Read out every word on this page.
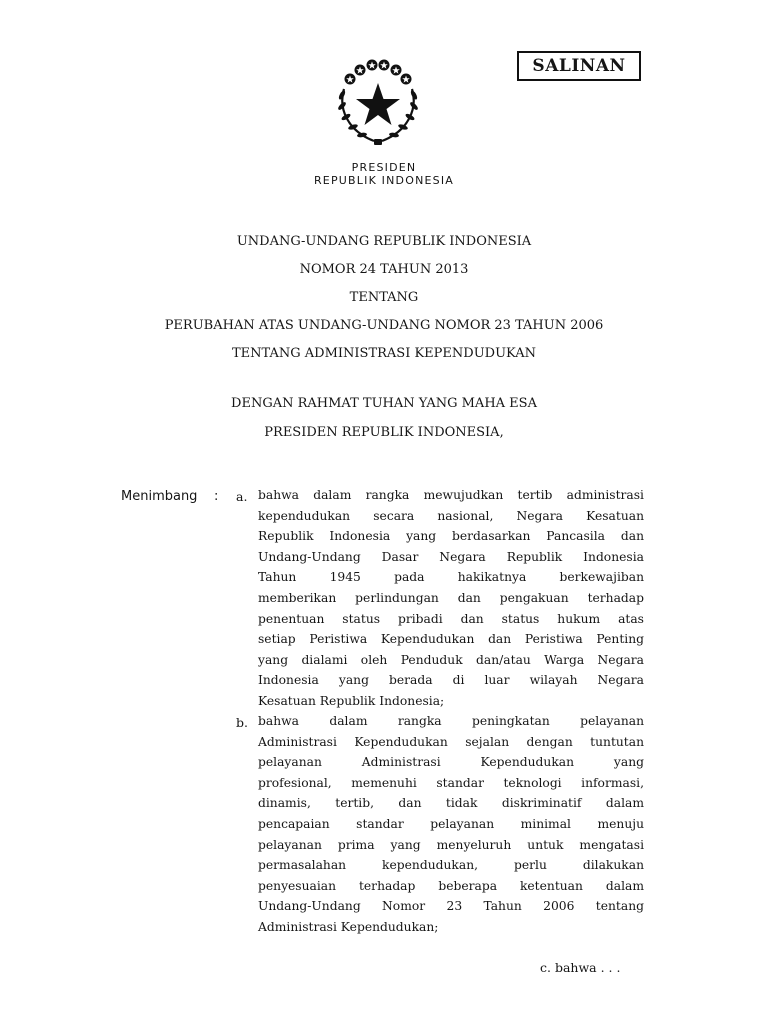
SALINAN
PRESIDEN
REPUBLIK INDONESIA
UNDANG-UNDANG REPUBLIK INDONESIA
NOMOR 24 TAHUN 2013
TENTANG
PERUBAHAN ATAS UNDANG-UNDANG NOMOR 23 TAHUN 2006
TENTANG ADMINISTRASI KEPENDUDUKAN
DENGAN RAHMAT TUHAN YANG MAHA ESA
PRESIDEN REPUBLIK INDONESIA,
Menimbang : a. bahwa dalam rangka mewujudkan tertib administrasi
kependudukan secara nasional, Negara Kesatuan
Republik Indonesia yang berdasarkan Pancasila dan
Undang-Undang Dasar Negara Republik Indonesia
Tahun 1945 pada hakikatnya berkewajiban
memberikan perlindungan dan pengakuan terhadap
penentuan status pribadi dan status hukum atas
setiap Peristiwa Kependudukan dan Peristiwa Penting
yang dialami oleh Penduduk dan/atau Warga Negara
Indonesia yang berada di luar wilayah Negara
Kesatuan Republik Indonesia;
b. bahwa dalam rangka peningkatan pelayanan
Administrasi Kependudukan sejalan dengan tuntutan
pelayanan Administrasi Kependudukan yang
profesional, memenuhi standar teknologi informasi,
dinamis, tertib, dan tidak diskriminatif dalam
pencapaian standar pelayanan minimal menuju
pelayanan prima yang menyeluruh untuk mengatasi
permasalahan kependudukan, perlu dilakukan
penyesuaian terhadap beberapa ketentuan dalam
Undang-Undang Nomor 23 Tahun 2006 tentang
Administrasi Kependudukan;
c. bahwa . . .
